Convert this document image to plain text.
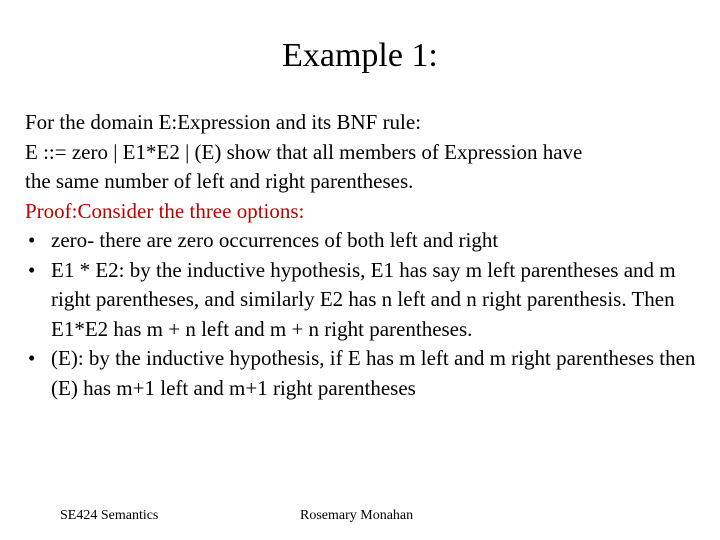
Example 1:

For the domain E:Expression and its BNF rule:

E ::= zero | E1*E2 | (E) show that all members of Expression have

the same number of left and right parentheses.

Proof:Consider the three options:

• zero- there are zero occurrences of both left and right
• E1 * E2: by the inductive hypothesis, E1 has say m left parentheses and m right parentheses, and similarly E2 has n left and n right parenthesis. Then E1*E2 has m + n left and m + n right parentheses.
• (E): by the inductive hypothesis, if E has m left and m right parentheses then (E) has m+1 left and m+1 right parentheses
SE424 Semantics	Rosemary Monahan
